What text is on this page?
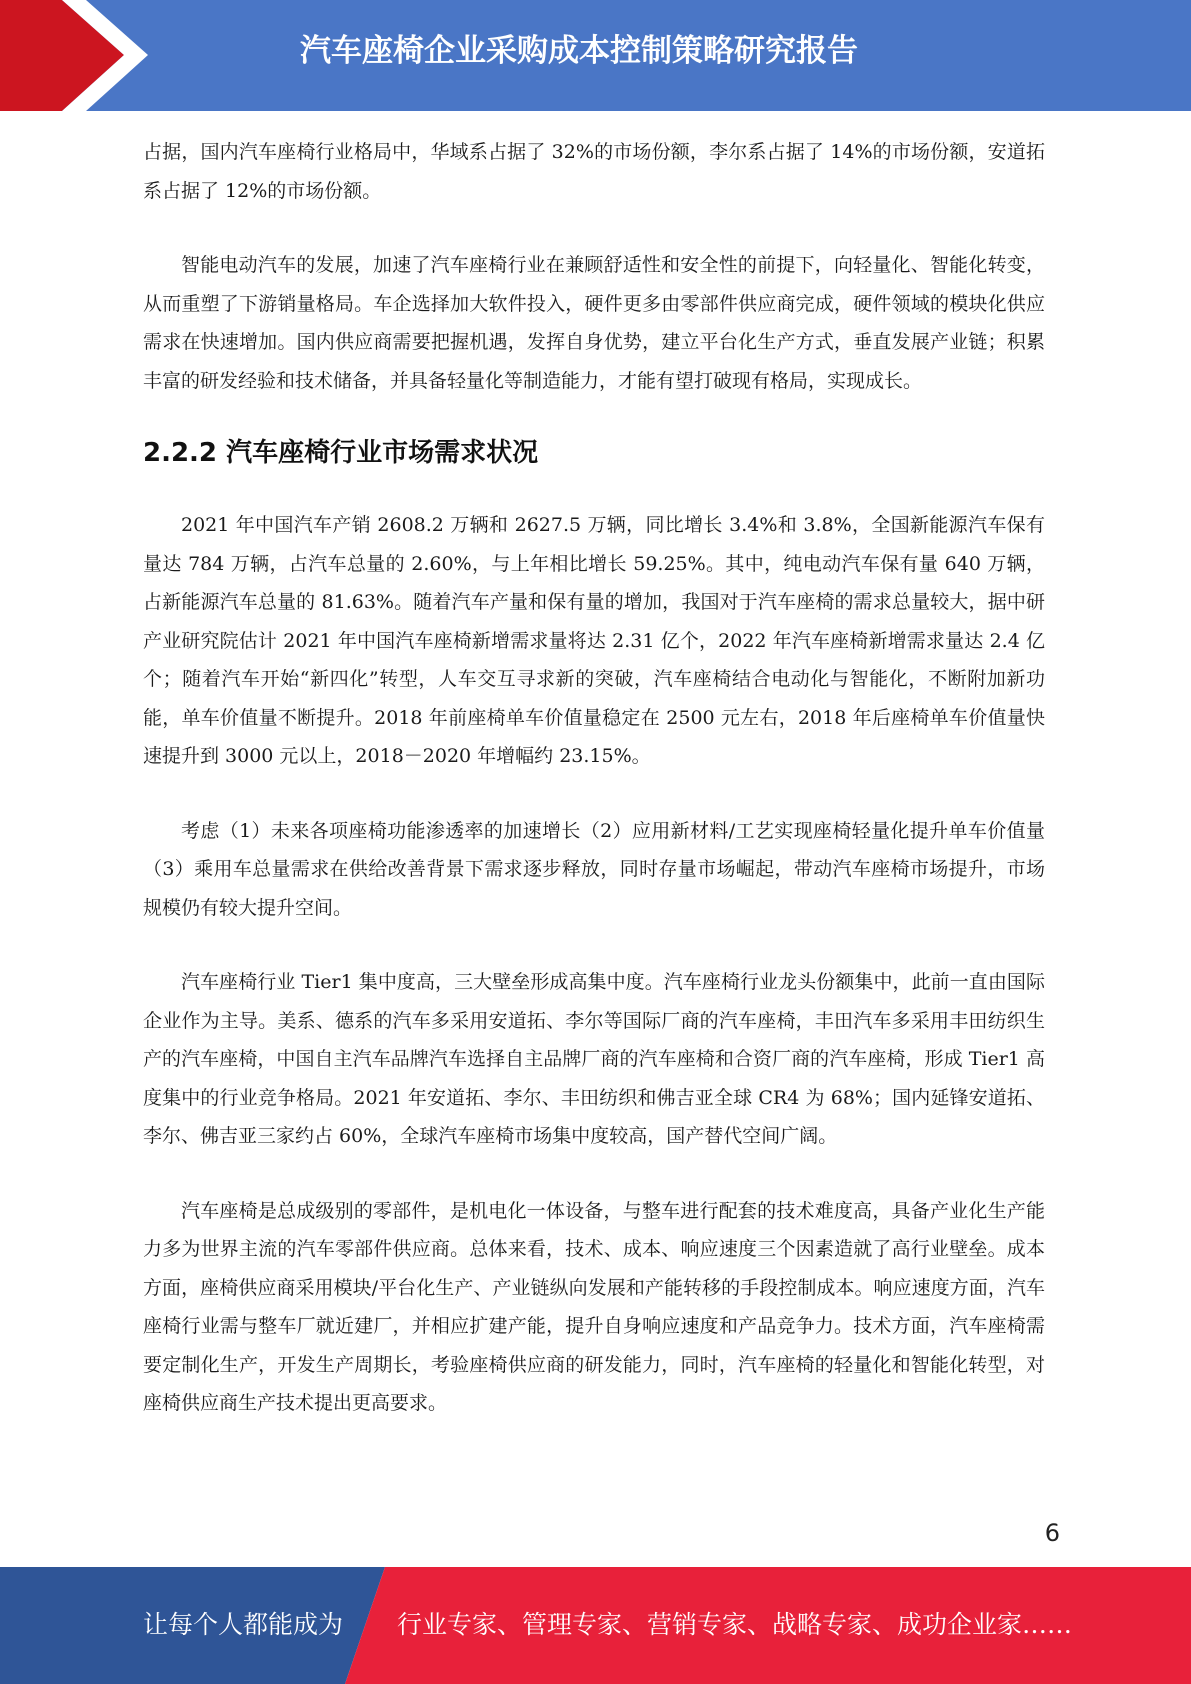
汽车座椅企业采购成本控制策略研究报告

占据，国内汽车座椅行业格局中，华域系占据了 32%的市场份额，李尔系占据了 14%的市场份额，安道拓系占据了 12%的市场份额。

智能电动汽车的发展，加速了汽车座椅行业在兼顾舒适性和安全性的前提下，向轻量化、智能化转变，从而重塑了下游销量格局。车企选择加大软件投入，硬件更多由零部件供应商完成，硬件领域的模块化供应需求在快速增加。国内供应商需要把握机遇，发挥自身优势，建立平台化生产方式，垂直发展产业链；积累丰富的研发经验和技术储备，并具备轻量化等制造能力，才能有望打破现有格局，实现成长。

2.2.2 汽车座椅行业市场需求状况

2021 年中国汽车产销 2608.2 万辆和 2627.5 万辆，同比增长 3.4%和 3.8%，全国新能源汽车保有量达 784 万辆，占汽车总量的 2.60%，与上年相比增长 59.25%。其中，纯电动汽车保有量 640 万辆，占新能源汽车总量的 81.63%。随着汽车产量和保有量的增加，我国对于汽车座椅的需求总量较大，据中研产业研究院估计 2021 年中国汽车座椅新增需求量将达 2.31 亿个，2022 年汽车座椅新增需求量达 2.4 亿个；随着汽车开始“新四化”转型，人车交互寻求新的突破，汽车座椅结合电动化与智能化，不断附加新功能，单车价值量不断提升。2018 年前座椅单车价值量稳定在 2500 元左右，2018 年后座椅单车价值量快速提升到 3000 元以上，2018－2020 年增幅约 23.15%。

考虑（1）未来各项座椅功能渗透率的加速增长（2）应用新材料/工艺实现座椅轻量化提升单车价值量（3）乘用车总量需求在供给改善背景下需求逐步释放，同时存量市场崛起，带动汽车座椅市场提升，市场规模仍有较大提升空间。

汽车座椅行业 Tier1 集中度高，三大壁垒形成高集中度。汽车座椅行业龙头份额集中，此前一直由国际企业作为主导。美系、德系的汽车多采用安道拓、李尔等国际厂商的汽车座椅，丰田汽车多采用丰田纺织生产的汽车座椅，中国自主汽车品牌汽车选择自主品牌厂商的汽车座椅和合资厂商的汽车座椅，形成 Tier1 高度集中的行业竞争格局。2021 年安道拓、李尔、丰田纺织和佛吉亚全球 CR4 为 68%；国内延锋安道拓、李尔、佛吉亚三家约占 60%，全球汽车座椅市场集中度较高，国产替代空间广阔。

汽车座椅是总成级别的零部件，是机电化一体设备，与整车进行配套的技术难度高，具备产业化生产能力多为世界主流的汽车零部件供应商。总体来看，技术、成本、响应速度三个因素造就了高行业壁垒。成本方面，座椅供应商采用模块/平台化生产、产业链纵向发展和产能转移的手段控制成本。响应速度方面，汽车座椅行业需与整车厂就近建厂，并相应扩建产能，提升自身响应速度和产品竞争力。技术方面，汽车座椅需要定制化生产，开发生产周期长，考验座椅供应商的研发能力，同时，汽车座椅的轻量化和智能化转型，对座椅供应商生产技术提出更高要求。

6
让每个人都能成为 行业专家、管理专家、营销专家、战略专家、成功企业家……
